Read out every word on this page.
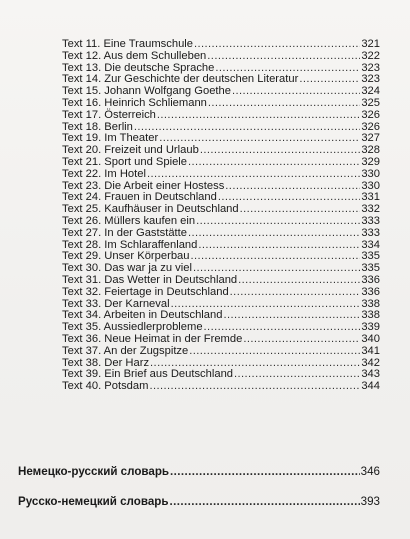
Text 11. Eine Traumschule .....	321
Text 12. Aus dem Schulleben .....	322
Text 13. Die deutsche Sprache .....	323
Text 14. Zur Geschichte der deutschen Literatur .....	323
Text 15. Johann Wolfgang Goethe .....	324
Text 16. Heinrich Schliemann .....	325
Text 17. Österreich .....	326
Text 18. Berlin .....	326
Text 19. Im Theater .....	327
Text 20. Freizeit und Urlaub .....	328
Text 21. Sport und Spiele .....	329
Text 22. Im Hotel .....	330
Text 23. Die Arbeit einer Hostess .....	330
Text 24. Frauen in Deutschland .....	331
Text 25. Kaufhäuser in Deutschland .....	332
Text 26. Müllers kaufen ein .....	333
Text 27. In der Gaststätte .....	333
Text 28. Im Schlaraffenland .....	334
Text 29. Unser Körperbau .....	335
Text 30. Das war ja zu viel .....	335
Text 31. Das Wetter in Deutschland .....	336
Text 32. Feiertage in Deutschland .....	336
Text 33. Der Karneval .....	338
Text 34. Arbeiten in Deutschland .....	338
Text 35. Aussiedlerprobleme .....	339
Text 36. Neue Heimat in der Fremde .....	340
Text 37. An der Zugspitze .....	341
Text 38. Der Harz .....	342
Text 39. Ein Brief aus Deutschland .....	343
Text 40. Potsdam .....	344
Немецко-русский словарь .....	346
Русско-немецкий словарь .....	393
